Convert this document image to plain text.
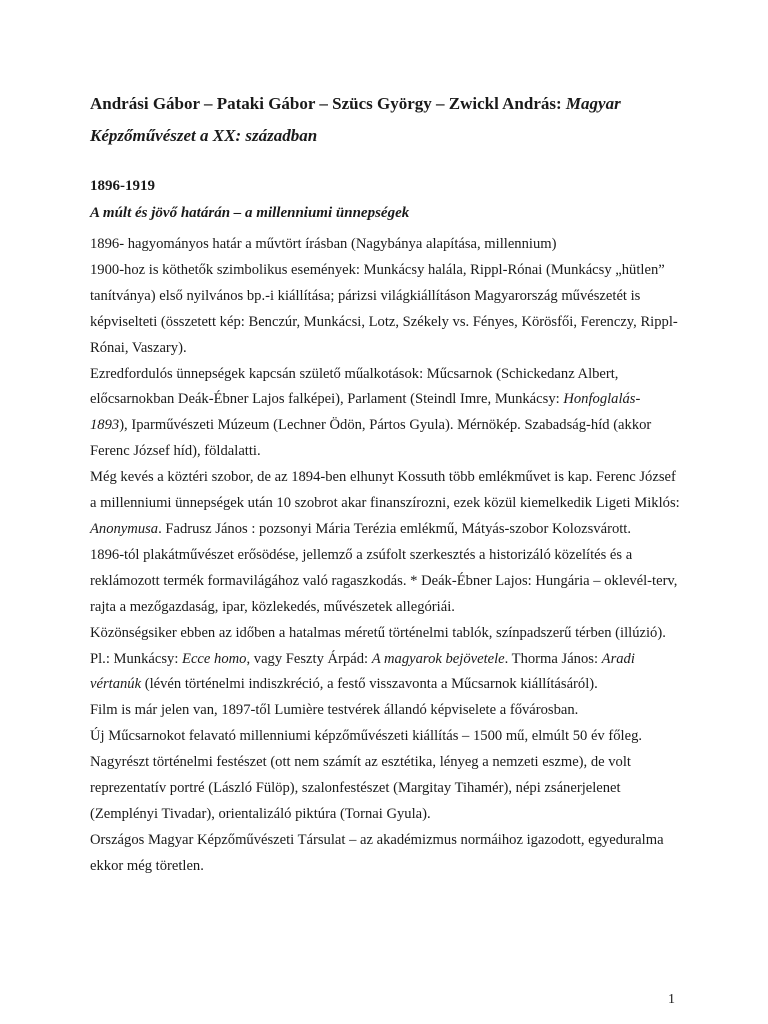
Andrási Gábor – Pataki Gábor – Szücs György – Zwickl András: Magyar Képzőművészet a XX: században
1896-1919
A múlt és jövő határán – a millenniumi ünnepségek

1896- hagyományos határ a művtört írásban (Nagybánya alapítása, millennium)

1900-hoz is köthetők szimbolikus események: Munkácsy halála, Rippl-Rónai (Munkácsy „hütlen” tanítványa) első nyilvános bp.-i kiállítása; párizsi világkiállításon Magyarország művészetét is képviselteti (összetett kép: Benczúr, Munkácsi, Lotz, Székely vs. Fényes, Körösfői, Ferenczy, Rippl-Rónai, Vaszary).

Ezredfordulós ünnepségek kapcsán születő műalkotások: Műcsarnok (Schickedanz Albert, előcsarnokban Deák-Ébner Lajos falképei), Parlament (Steindl Imre, Munkácsy: Honfoglalás- 1893), Iparművészeti Múzeum (Lechner Ödön, Pártos Gyula). Mérnökép. Szabadság-híd (akkor Ferenc József híd), földalatti.

Még kevés a köztéri szobor, de az 1894-ben elhunyt Kossuth több emlékművet is kap. Ferenc József a millenniumi ünnepségek után 10 szobrot akar finanszírozni, ezek közül kiemelkedik Ligeti Miklós: Anonymusa. Fadrusz János : pozsonyi Mária Terézia emlékmű, Mátyás-szobor Kolozsvárott.

1896-tól plakátművészet erősödése, jellemző a zsúfolt szerkesztés a historizáló közelítés és a reklámozott termék formavilágához való ragaszkodás. * Deák-Ébner Lajos: Hungária – oklevél-terv, rajta a mezőgazdaság, ipar, közlekedés, művészetek allegóriái.

Közönségsiker ebben az időben a hatalmas méretű történelmi tablók, színpadszerű térben (illúzió). Pl.: Munkácsy: Ecce homo, vagy Feszty Árpád: A magyarok bejövetele. Thorma János: Aradi vértanúk (lévén történelmi indiszkréció, a festő visszavonta a Műcsarnok kiállításáról).

Film is már jelen van, 1897-től Lumière testvérek állandó képviselete a fővárosban.

Új Műcsarnokot felavató millenniumi képzőművészeti kiállítás – 1500 mű, elmúlt 50 év főleg. Nagyrészt történelmi festészet (ott nem számít az esztétika, lényeg a nemzeti eszme), de volt reprezentatív portré (László Fülöp), szalonfestészet (Margitay Tihamér), népi zsánerjelenet (Zemplényi Tivadar), orientalizáló piktúra (Tornai Gyula).

Országos Magyar Képzőművészeti Társulat – az akadémizmus normáihoz igazodott, egyeduralma ekkor még töretlen.

1
